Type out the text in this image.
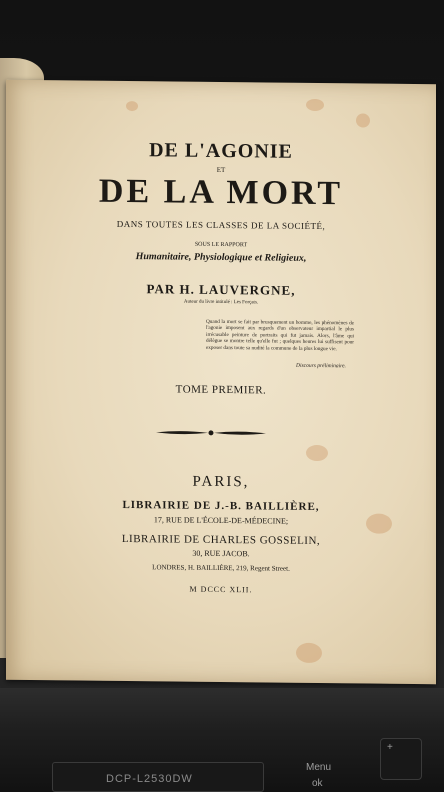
DE L'AGONIE
ET
DE LA MORT
DANS TOUTES LES CLASSES DE LA SOCIÉTÉ,
SOUS LE RAPPORT
Humanitaire, Physiologique et Religieux,
PAR H. LAUVERGNE,
Auteur du livre intitulé : Les Forçats.
Quand la mort se fait par brusquement un homme, les phénomènes de l'agonie imposent aux regards d'un observateur impartial le plus irrécusable peinture de portraits qui fut jamais. Alors, l'âme qui délègue se montre telle qu'elle fut ; quelques heures lui suffisent pour exposer dans toute sa nudité la commune de la plus longue vie.
Discours préliminaire.
TOME PREMIER.
PARIS,
LIBRAIRIE DE J.-B. BAILLIÈRE,
17, RUE DE L'ÉCOLE-DE-MÉDECINE;
LIBRAIRIE DE CHARLES GOSSELIN,
30, RUE JACOB.
LONDRES, H. BAILLIÈRE, 219, Regent Street.
M DCCC XLII.
DCP-L2530DW
Menu
+
ok
